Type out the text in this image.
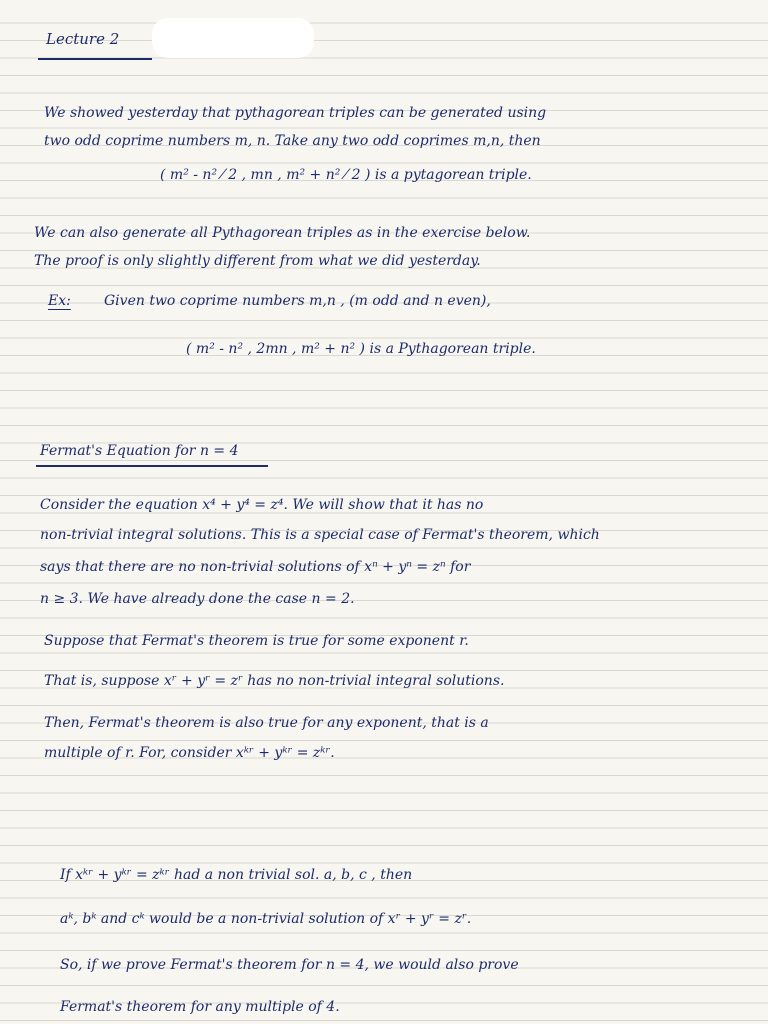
Lecture 2
We showed yesterday that pythagorean triples can be generated using
two odd coprime numbers m, n. Take any two odd coprimes m,n, then
( m² - n² ⁄ 2 , mn , m² + n² ⁄ 2 ) is a pytagorean triple.
We can also generate all Pythagorean triples as in the exercise below.
The proof is only slightly different from what we did yesterday.
Ex: Given two coprime numbers m,n , (m odd and n even),
( m² - n² , 2mn , m² + n² ) is a Pythagorean triple.
Fermat's Equation for n = 4
Consider the equation x⁴ + y⁴ = z⁴. We will show that it has no
non-trivial integral solutions. This is a special case of Fermat's theorem, which
says that there are no non-trivial solutions of xⁿ + yⁿ = zⁿ for
n ≥ 3. We have already done the case n = 2.
Suppose that Fermat's theorem is true for some exponent r.
That is, suppose xʳ + yʳ = zʳ has no non-trivial integral solutions.
Then, Fermat's theorem is also true for any exponent, that is a
multiple of r. For, consider xᵏʳ + yᵏʳ = zᵏʳ.
If xᵏʳ + yᵏʳ = zᵏʳ had a non trivial sol. a, b, c , then
aᵏ, bᵏ and cᵏ would be a non-trivial solution of xʳ + yʳ = zʳ.
So, if we prove Fermat's theorem for n = 4, we would also prove
Fermat's theorem for any multiple of 4.
